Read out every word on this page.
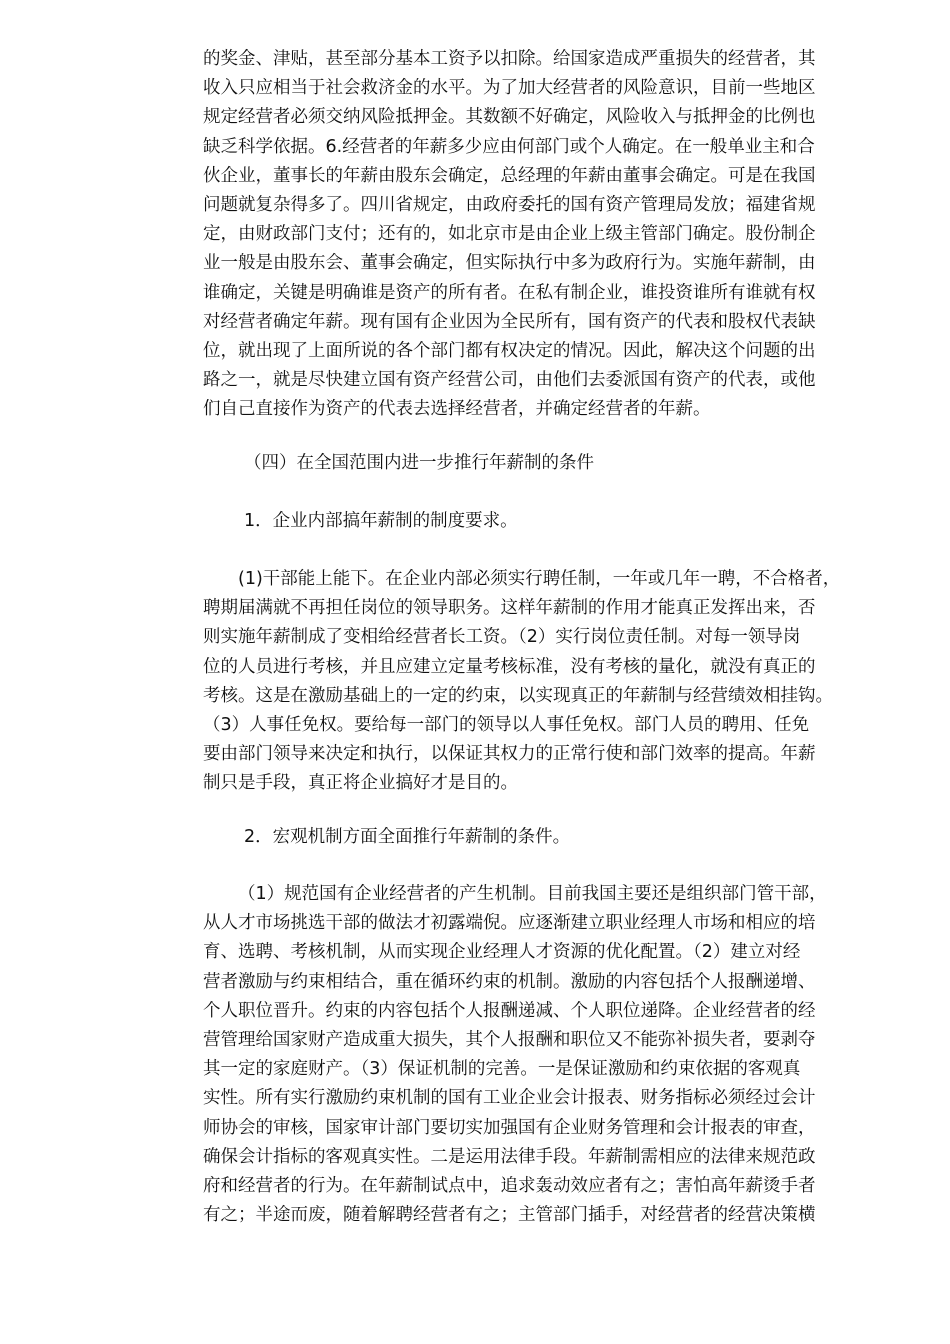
的奖金、津贴，甚至部分基本工资予以扣除。给国家造成严重损失的经营者，其
收入只应相当于社会救济金的水平。为了加大经营者的风险意识，目前一些地区
规定经营者必须交纳风险抵押金。其数额不好确定，风险收入与抵押金的比例也
缺乏科学依据。6.经营者的年薪多少应由何部门或个人确定。在一般单业主和合
伙企业，董事长的年薪由股东会确定，总经理的年薪由董事会确定。可是在我国
问题就复杂得多了。四川省规定，由政府委托的国有资产管理局发放；福建省规
定，由财政部门支付；还有的，如北京市是由企业上级主管部门确定。股份制企
业一般是由股东会、董事会确定，但实际执行中多为政府行为。实施年薪制，由
谁确定，关键是明确谁是资产的所有者。在私有制企业，谁投资谁所有谁就有权
对经营者确定年薪。现有国有企业因为全民所有，国有资产的代表和股权代表缺
位，就出现了上面所说的各个部门都有权决定的情况。因此，解决这个问题的出
路之一，就是尽快建立国有资产经营公司，由他们去委派国有资产的代表，或他
们自己直接作为资产的代表去选择经营者，并确定经营者的年薪。
（四）在全国范围内进一步推行年薪制的条件
1．企业内部搞年薪制的制度要求。
(1)干部能上能下。在企业内部必须实行聘任制，一年或几年一聘，不合格者，
聘期届满就不再担任岗位的领导职务。这样年薪制的作用才能真正发挥出来，否
则实施年薪制成了变相给经营者长工资。（2）实行岗位责任制。对每一领导岗
位的人员进行考核，并且应建立定量考核标准，没有考核的量化，就没有真正的
考核。这是在激励基础上的一定的约束，以实现真正的年薪制与经营绩效相挂钩。
（3）人事任免权。要给每一部门的领导以人事任免权。部门人员的聘用、任免
要由部门领导来决定和执行，以保证其权力的正常行使和部门效率的提高。年薪
制只是手段，真正将企业搞好才是目的。
2．宏观机制方面全面推行年薪制的条件。
（1）规范国有企业经营者的产生机制。目前我国主要还是组织部门管干部，
从人才市场挑选干部的做法才初露端倪。应逐渐建立职业经理人市场和相应的培
育、选聘、考核机制，从而实现企业经理人才资源的优化配置。（2）建立对经
营者激励与约束相结合，重在循环约束的机制。激励的内容包括个人报酬递增、
个人职位晋升。约束的内容包括个人报酬递减、个人职位递降。企业经营者的经
营管理给国家财产造成重大损失，其个人报酬和职位又不能弥补损失者，要剥夺
其一定的家庭财产。（3）保证机制的完善。一是保证激励和约束依据的客观真
实性。所有实行激励约束机制的国有工业企业会计报表、财务指标必须经过会计
师协会的审核，国家审计部门要切实加强国有企业财务管理和会计报表的审查，
确保会计指标的客观真实性。二是运用法律手段。年薪制需相应的法律来规范政
府和经营者的行为。在年薪制试点中，追求轰动效应者有之；害怕高年薪烫手者
有之；半途而废，随着解聘经营者有之；主管部门插手，对经营者的经营决策横
